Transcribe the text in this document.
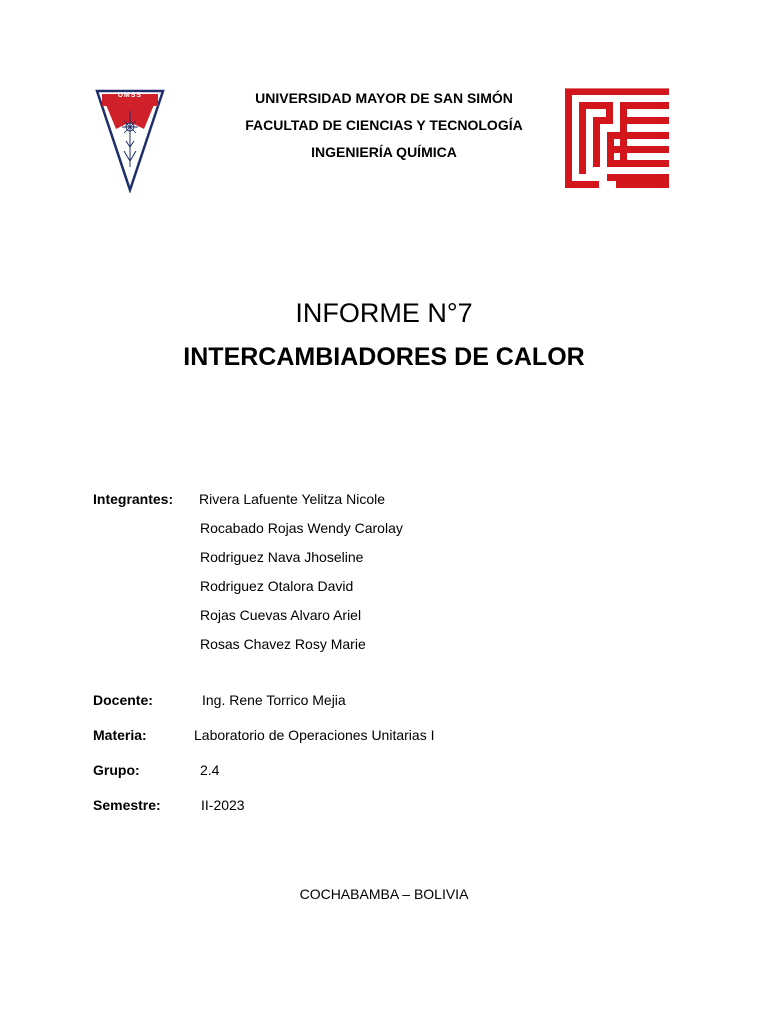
UMSS	UNIVERSIDAD MAYOR DE SAN SIMÓN
FACULTAD DE CIENCIAS Y TECNOLOGÍA
INGENIERÍA QUÍMICA
INFORME N°7
INTERCAMBIADORES DE CALOR
Integrantes: Rivera Lafuente Yelitza Nicole
Rocabado Rojas Wendy Carolay
Rodriguez Nava Jhoseline
Rodriguez Otalora David
Rojas Cuevas Alvaro Ariel
Rosas Chavez Rosy Marie
Docente:	Ing. Rene Torrico Mejia
Materia:	Laboratorio de Operaciones Unitarias I
Grupo:	2.4
Semestre:	II-2023
COCHABAMBA – BOLIVIA
